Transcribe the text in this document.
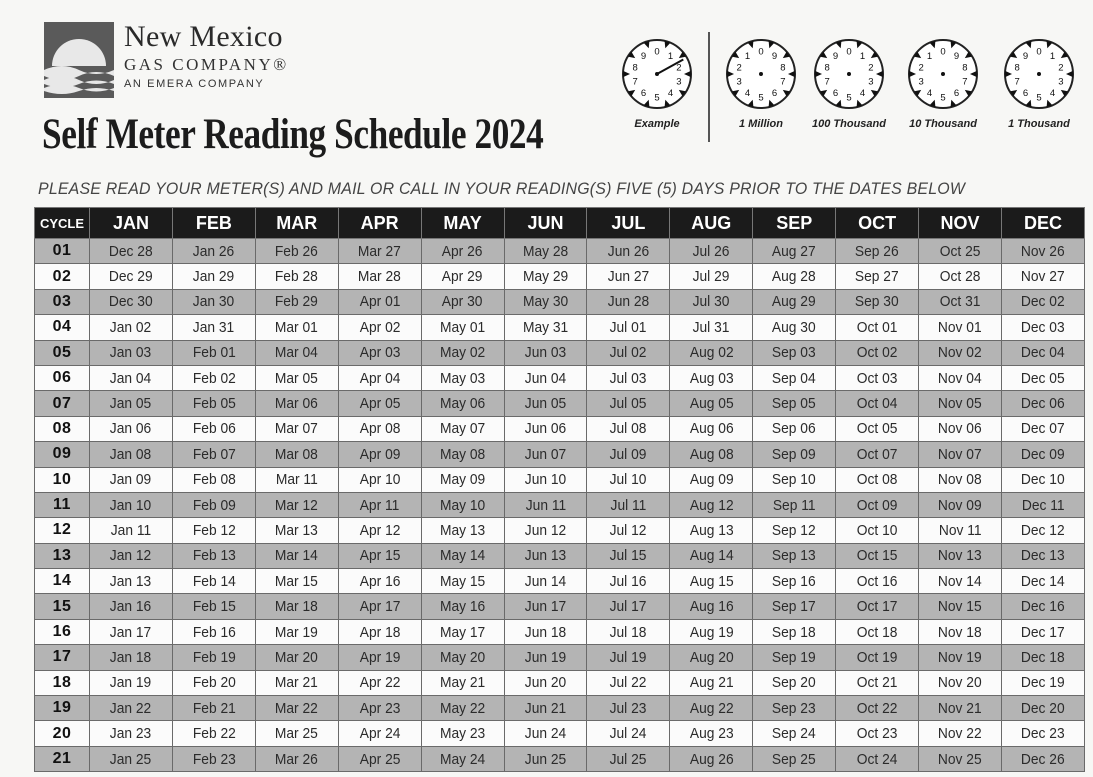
New Mexico
GAS COMPANY®
AN EMERA COMPANY
Self Meter Reading Schedule 2024
0 1
2
3
4
5
6
7
8
9
Example
0
1
2
3
4 5 6
7
8
9
1 Million
0 1
2
3
4
5
6
7
8
9
100 Thousand
0
1
2
3
4 5 6
7
8
9
10 Thousand
0 1
2
3
4
5
6
7
8
9
1 Thousand
PLEASE READ YOUR METER(S) AND MAIL OR CALL IN YOUR READING(S) FIVE (5) DAYS PRIOR TO THE DATES BELOW
CYCLE	JAN	FEB	MAR	APR	MAY	JUN	JUL	AUG	SEP	OCT	NOV	DEC
01	Dec 28	Jan 26	Feb 26	Mar 27	Apr 26	May 28	Jun 26	Jul 26	Aug 27	Sep 26	Oct 25	Nov 26
02	Dec 29	Jan 29	Feb 28	Mar 28	Apr 29	May 29	Jun 27	Jul 29	Aug 28	Sep 27	Oct 28	Nov 27
03	Dec 30	Jan 30	Feb 29	Apr 01	Apr 30	May 30	Jun 28	Jul 30	Aug 29	Sep 30	Oct 31	Dec 02
04	Jan 02	Jan 31	Mar 01	Apr 02	May 01	May 31	Jul 01	Jul 31	Aug 30	Oct 01	Nov 01	Dec 03
05	Jan 03	Feb 01	Mar 04	Apr 03	May 02	Jun 03	Jul 02	Aug 02	Sep 03	Oct 02	Nov 02	Dec 04
06	Jan 04	Feb 02	Mar 05	Apr 04	May 03	Jun 04	Jul 03	Aug 03	Sep 04	Oct 03	Nov 04	Dec 05
07	Jan 05	Feb 05	Mar 06	Apr 05	May 06	Jun 05	Jul 05	Aug 05	Sep 05	Oct 04	Nov 05	Dec 06
08	Jan 06	Feb 06	Mar 07	Apr 08	May 07	Jun 06	Jul 08	Aug 06	Sep 06	Oct 05	Nov 06	Dec 07
09	Jan 08	Feb 07	Mar 08	Apr 09	May 08	Jun 07	Jul 09	Aug 08	Sep 09	Oct 07	Nov 07	Dec 09
10	Jan 09	Feb 08	Mar 11	Apr 10	May 09	Jun 10	Jul 10	Aug 09	Sep 10	Oct 08	Nov 08	Dec 10
11	Jan 10	Feb 09	Mar 12	Apr 11	May 10	Jun 11	Jul 11	Aug 12	Sep 11	Oct 09	Nov 09	Dec 11
12	Jan 11	Feb 12	Mar 13	Apr 12	May 13	Jun 12	Jul 12	Aug 13	Sep 12	Oct 10	Nov 11	Dec 12
13	Jan 12	Feb 13	Mar 14	Apr 15	May 14	Jun 13	Jul 15	Aug 14	Sep 13	Oct 15	Nov 13	Dec 13
14	Jan 13	Feb 14	Mar 15	Apr 16	May 15	Jun 14	Jul 16	Aug 15	Sep 16	Oct 16	Nov 14	Dec 14
15	Jan 16	Feb 15	Mar 18	Apr 17	May 16	Jun 17	Jul 17	Aug 16	Sep 17	Oct 17	Nov 15	Dec 16
16	Jan 17	Feb 16	Mar 19	Apr 18	May 17	Jun 18	Jul 18	Aug 19	Sep 18	Oct 18	Nov 18	Dec 17
17	Jan 18	Feb 19	Mar 20	Apr 19	May 20	Jun 19	Jul 19	Aug 20	Sep 19	Oct 19	Nov 19	Dec 18
18	Jan 19	Feb 20	Mar 21	Apr 22	May 21	Jun 20	Jul 22	Aug 21	Sep 20	Oct 21	Nov 20	Dec 19
19	Jan 22	Feb 21	Mar 22	Apr 23	May 22	Jun 21	Jul 23	Aug 22	Sep 23	Oct 22	Nov 21	Dec 20
20	Jan 23	Feb 22	Mar 25	Apr 24	May 23	Jun 24	Jul 24	Aug 23	Sep 24	Oct 23	Nov 22	Dec 23
21	Jan 25	Feb 23	Mar 26	Apr 25	May 24	Jun 25	Jul 25	Aug 26	Sep 25	Oct 24	Nov 25	Dec 26
